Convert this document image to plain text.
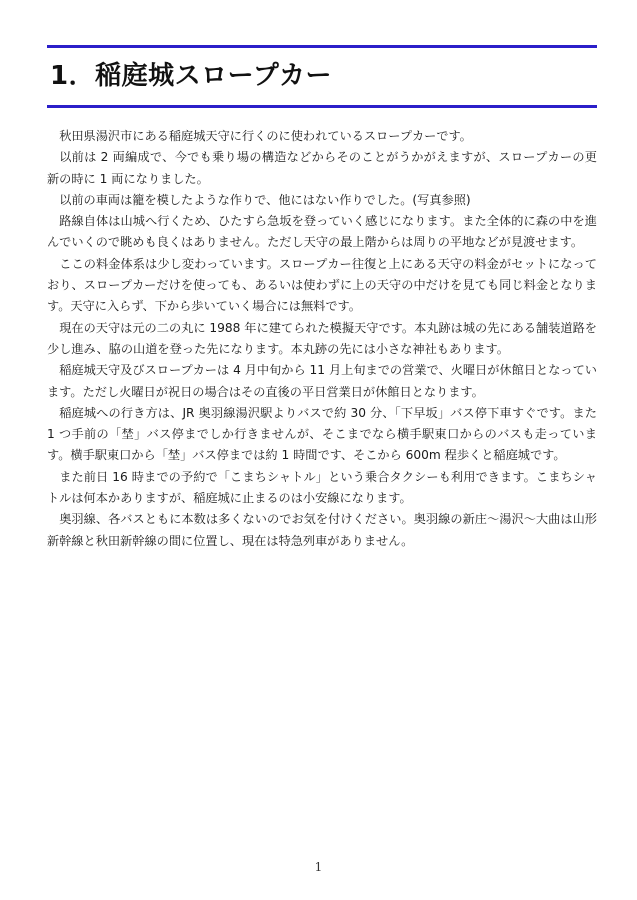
1．稲庭城スロープカー

秋田県湯沢市にある稲庭城天守に行くのに使われているスロープカーです。

以前は 2 両編成で、今でも乗り場の構造などからそのことがうかがえますが、スロープカーの更新の時に 1 両になりました。

以前の車両は籠を模したような作りで、他にはない作りでした。(写真参照)

路線自体は山城へ行くため、ひたすら急坂を登っていく感じになります。また全体的に森の中を進んでいくので眺めも良くはありません。ただし天守の最上階からは周りの平地などが見渡せます。

ここの料金体系は少し変わっています。スロープカー往復と上にある天守の料金がセットになっており、スロープカーだけを使っても、あるいは使わずに上の天守の中だけを見ても同じ料金となります。天守に入らず、下から歩いていく場合には無料です。

現在の天守は元の二の丸に 1988 年に建てられた模擬天守です。本丸跡は城の先にある舗装道路を少し進み、脇の山道を登った先になります。本丸跡の先には小さな神社もあります。

稲庭城天守及びスロープカーは 4 月中旬から 11 月上旬までの営業で、火曜日が休館日となっています。ただし火曜日が祝日の場合はその直後の平日営業日が休館日となります。

稲庭城への行き方は、JR 奥羽線湯沢駅よりバスで約 30 分、「下早坂」バス停下車すぐです。また 1 つ手前の「埜」バス停までしか行きませんが、そこまでなら横手駅東口からのバスも走っています。横手駅東口から「埜」バス停までは約 1 時間です、そこから 600m 程歩くと稲庭城です。

また前日 16 時までの予約で「こまちシャトル」という乗合タクシーも利用できます。こまちシャトルは何本かありますが、稲庭城に止まるのは小安線になります。

奥羽線、各バスともに本数は多くないのでお気を付けください。奥羽線の新庄～湯沢～大曲は山形新幹線と秋田新幹線の間に位置し、現在は特急列車がありません。

1
